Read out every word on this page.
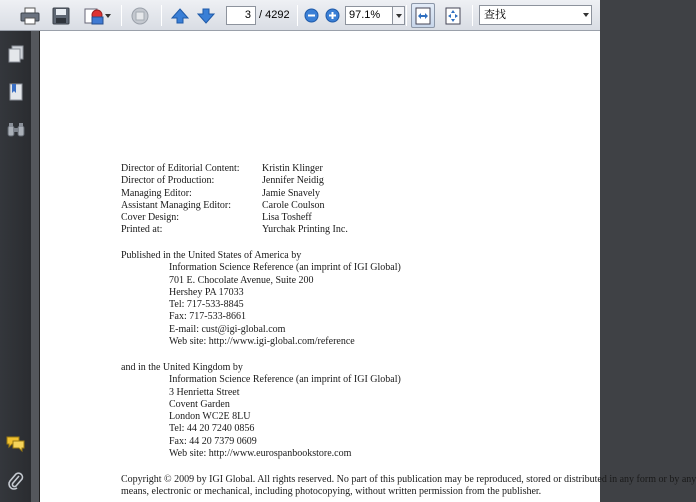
3 / 4292	97.1%	查找
Director of Editorial Content: Kristin Klinger
Director of Production:	Jennifer Neidig
Managing Editor:	Jamie Snavely
Assistant Managing Editor:	Carole Coulson
Cover Design:	Lisa Tosheff
Printed at:	Yurchak Printing Inc.
Published in the United States of America by
Information Science Reference (an imprint of IGI Global)
701 E. Chocolate Avenue, Suite 200
Hershey PA 17033
Tel: 717-533-8845
Fax: 717-533-8661
E-mail: cust@igi-global.com
Web site: http://www.igi-global.com/reference
and in the United Kingdom by
Information Science Reference (an imprint of IGI Global)
3 Henrietta Street
Covent Garden
London WC2E 8LU
Tel: 44 20 7240 0856
Fax: 44 20 7379 0609
Web site: http://www.eurospanbookstore.com
Copyright © 2009 by IGI Global. All rights reserved. No part of this publication may be reproduced, stored or distributed in any form or by any
means, electronic or mechanical, including photocopying, without written permission from the publisher.
